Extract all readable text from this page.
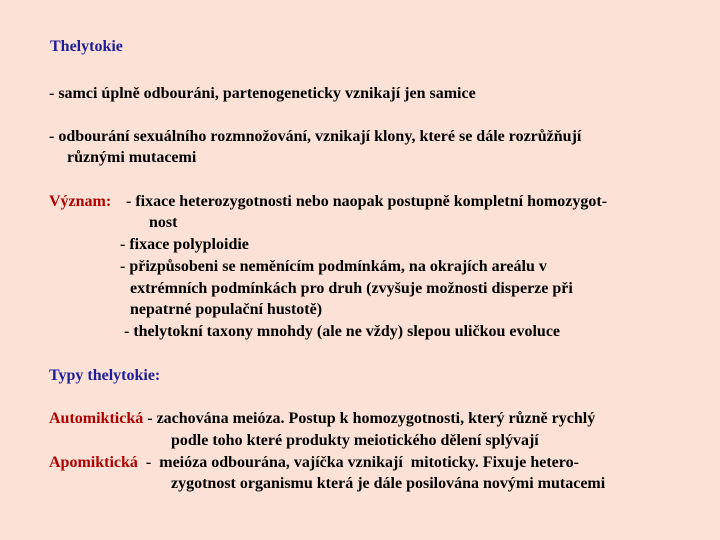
Thelytokie
- samci úplně odbouráni, partenogeneticky vznikají jen samice
- odbourání sexuálního rozmnožování, vznikají klony, které se dále rozrůžňují
různými mutacemi
Význam: - fixace heterozygotnosti nebo naopak postupně kompletní homozygot-
nost
- fixace polyploidie
- přizpůsobeni se neměnícím podmínkám, na okrajích areálu v
extrémních podmínkách pro druh (zvyšuje možnosti disperze při
nepatrné populační hustotě)
- thelytokní taxony mnohdy (ale ne vždy) slepou uličkou evoluce
Typy thelytokie:
Automiktická - zachována meióza. Postup k homozygotnosti, který různě rychlý
podle toho které produkty meiotického dělení splývají
Apomiktická  -  meióza odbourána, vajíčka vznikají  mitoticky. Fixuje hetero-
zygotnost organismu která je dále posilována novými mutacemi
